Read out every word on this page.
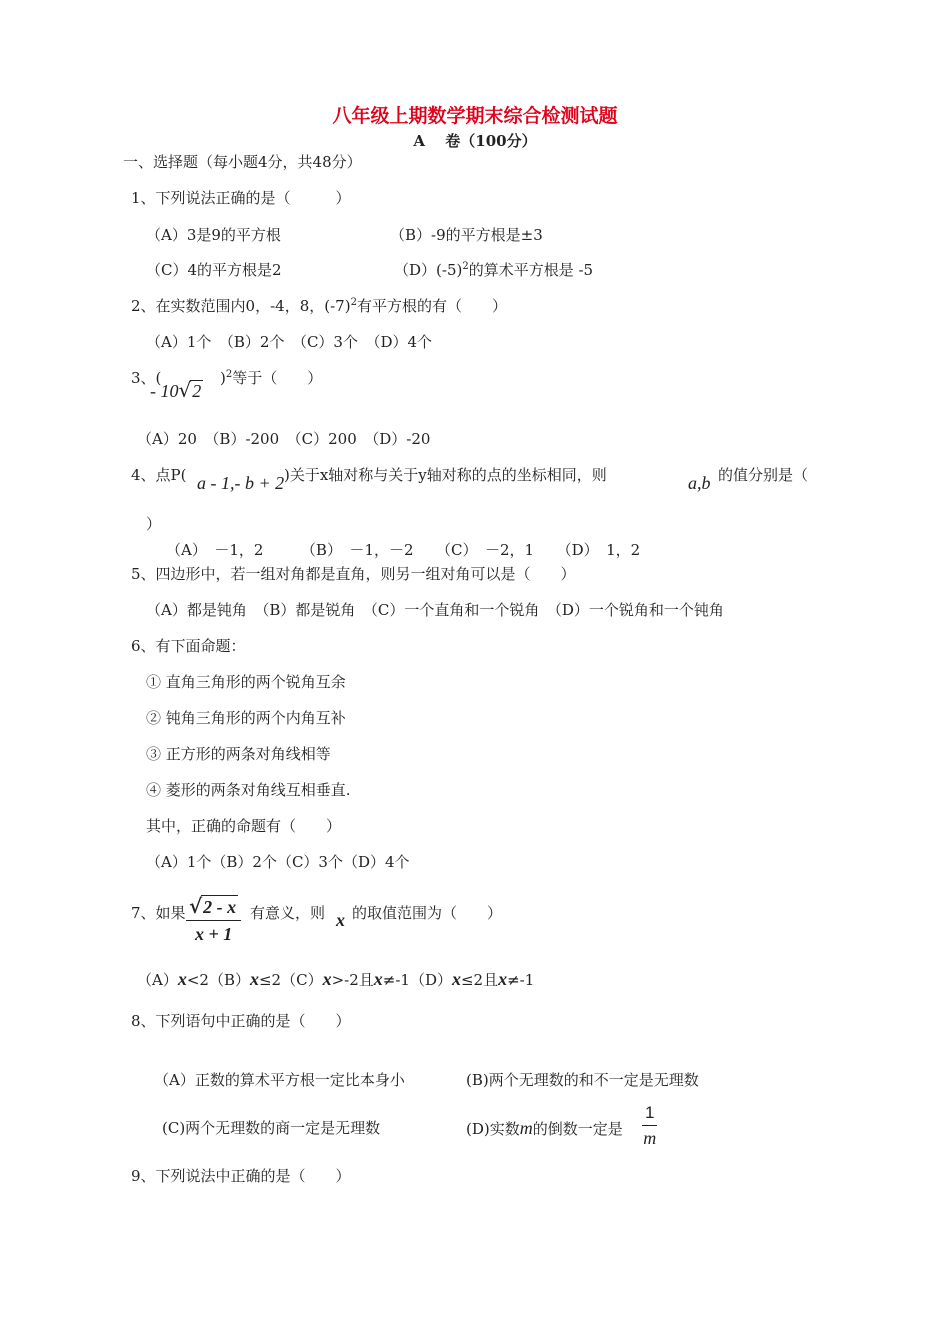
八年级上期数学期末综合检测试题
A　 卷（100分）
一、选择题（每小题4分，共48分）
1、下列说法正确的是（　　　）
（A）3是9的平方根	（B）-9的平方根是±3
（C）4的平方根是2	$(D)(-5)^2$的算术平方根是 -5
2、在实数范围内0，-4，8，$(-7)^2$有平方根的有（　　）
（A）1个　（B）2个　（C）3个　（D）4个
3、(
- 10√2
)$^2$等于（　　）
（A）20　（B）-200　（C）200　（D）-20
4、点P( a - 1,- b + 2 )关于x轴对称与关于y轴对称的点的坐标相同，则	a,b 的值分别是（
）
（A）　－1，2　　　（B）　－1，－2　　（C）　－2，1　　（D）　1，2
5、四边形中，若一组对角都是直角，则另一组对角可以是（　　）
（A）都是钝角　（B）都是锐角　（C）一个直角和一个锐角　（D）一个锐角和一个钝角
6、有下面命题：
① 直角三角形的两个锐角互余
② 钝角三角形的两个内角互补
③ 正方形的两条对角线相等
④ 菱形的两条对角线互相垂直.
其中，正确的命题有（　　）
（A）1个（B）2个（C）3个（D）4个
7、如果 $\frac{√2 - x}{x + 1}$ 有意义，则 x 的取值范围为（　　）
（A）x<2（B）x≤2（C）x>-2且x≠-1（D）x≤2且x≠-1
8、下列语句中正确的是（　　）
（A）正数的算术平方根一定比本身小	(B)两个无理数的和不一定是无理数
(C)两个无理数的商一定是无理数	(D)实数m的倒数一定是 $\frac{1}{m}$
9、下列说法中正确的是（　　）
